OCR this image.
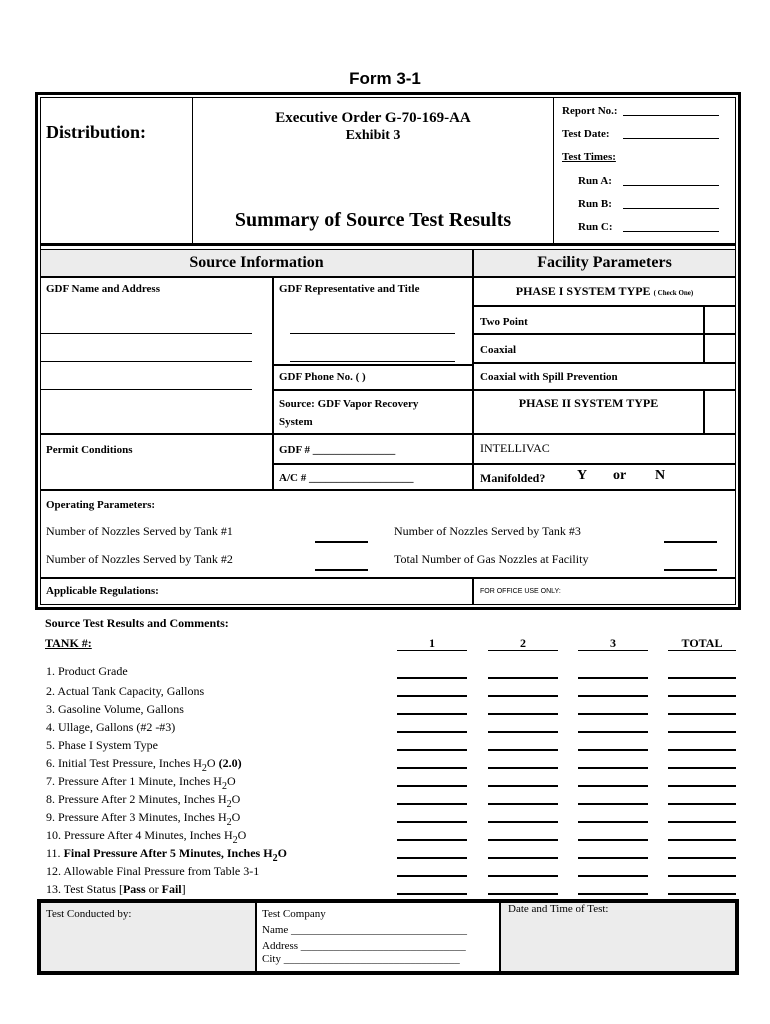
Form 3-1
Distribution:
Executive Order G-70-169-AA
Exhibit 3
Summary of Source Test Results
Report No.:
Test Date:
Test Times:
Run A:
Run B:
Run C:
Source Information	Facility Parameters
GDF Name and Address	GDF Representative and Title
GDF Phone No. ( )
Source: GDF Vapor Recovery
System
Permit Conditions	GDF # _______________
A/C # ___________________
PHASE I SYSTEM TYPE ( Check One)
Two Point
Coaxial
Coaxial with Spill Prevention
PHASE II SYSTEM TYPE
INTELLIVAC
Manifolded? Y or N
Operating Parameters:
Number of Nozzles Served by Tank #1
Number of Nozzles Served by Tank #2
Number of Nozzles Served by Tank #3
Total Number of Gas Nozzles at Facility
Applicable Regulations:	FOR OFFICE USE ONLY:
Source Test Results and Comments:
TANK #:	1	2	3	TOTAL
1. Product Grade
2. Actual Tank Capacity, Gallons
3. Gasoline Volume, Gallons
4. Ullage, Gallons (#2 -#3)
5. Phase I System Type
6. Initial Test Pressure, Inches $H_2O$ (2.0)
7. Pressure After 1 Minute, Inches $H_2O$
8. Pressure After 2 Minutes, Inches $H_2O$
9. Pressure After 3 Minutes, Inches $H_2O$
10. Pressure After 4 Minutes, Inches $H_2O$
11. Final Pressure After 5 Minutes, Inches $H_2O$
12. Allowable Final Pressure from Table 3-1
13. Test Status [Pass or Fail]
Test Conducted by:	Test Company
Name ________________________________
Address ______________________________
City ________________________________
Date and Time of Test:
